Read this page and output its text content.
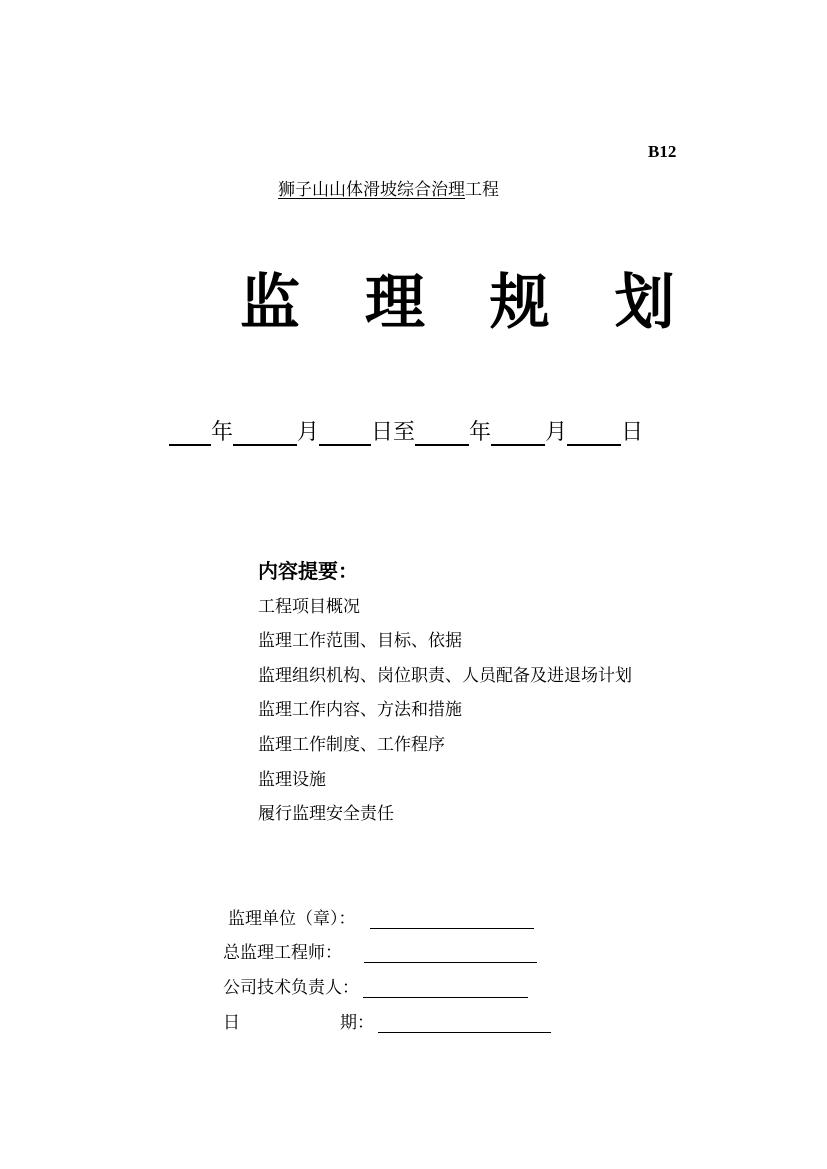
B12
狮子山山体滑坡综合治理工程
监 理 规 划
年	月 日至 年 月 日
内容提要：
工程项目概况
监理工作范围、目标、依据
监理组织机构、岗位职责、人员配备及进退场计划
监理工作内容、方法和措施
监理工作制度、工作程序
监理设施
履行监理安全责任
监理单位（章）：
总监理工程师：
公司技术负责人：
日	期：
